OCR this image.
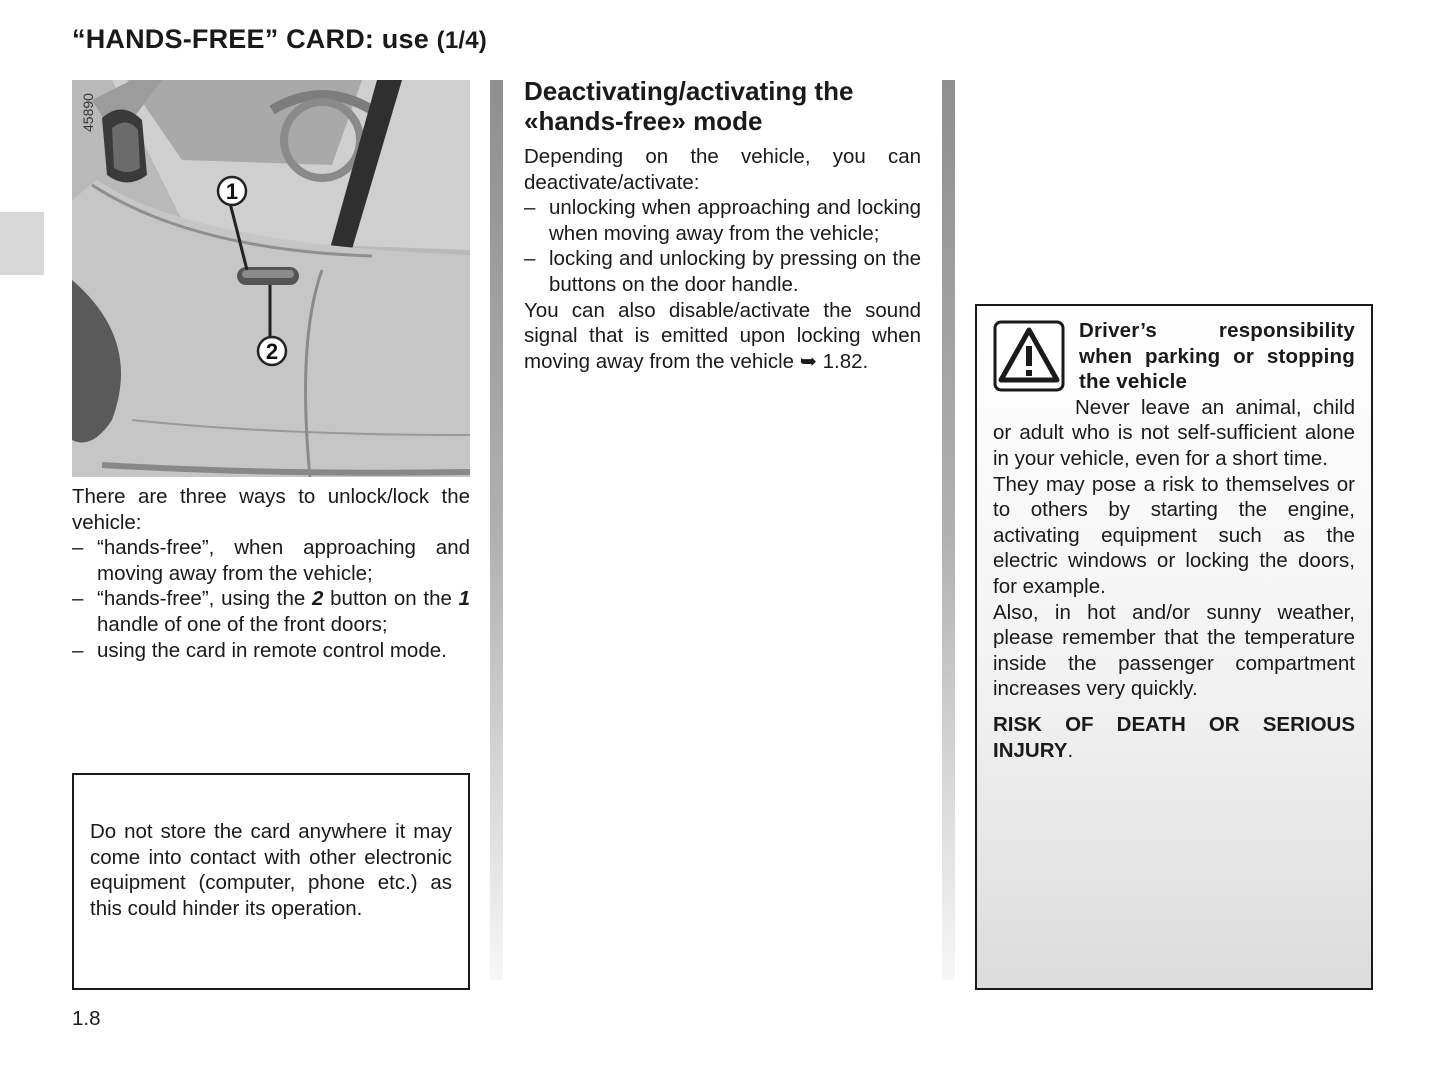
“HANDS-FREE” CARD: use (1/4)
1
2
45890

There are three ways to unlock/lock the vehicle:

– “hands-free”, when approaching and moving away from the vehicle;
– “hands-free”, using the 2 button on the 1 handle of one of the front doors;
– using the card in remote control mode.

Do not store the card anywhere it may come into contact with other electronic equipment (computer, phone etc.) as this could hinder its operation.

Deactivating/activating the «hands-free» mode

Depending on the vehicle, you can deactivate/activate:

– unlocking when approaching and locking when moving away from the vehicle;
– locking and unlocking by pressing on the buttons on the door handle.

You can also disable/activate the sound signal that is emitted upon locking when moving away from the vehicle ➥ 1.82.

Driver’s responsibility when parking or stopping the vehicle

Never leave an animal, child or adult who is not self-sufficient alone in your vehicle, even for a short time.

They may pose a risk to themselves or to others by starting the engine, activating equipment such as the electric windows or locking the doors, for example.

Also, in hot and/or sunny weather, please remember that the temperature inside the passenger compartment increases very quickly.

RISK OF DEATH OR SERIOUS INJURY.

1.8
